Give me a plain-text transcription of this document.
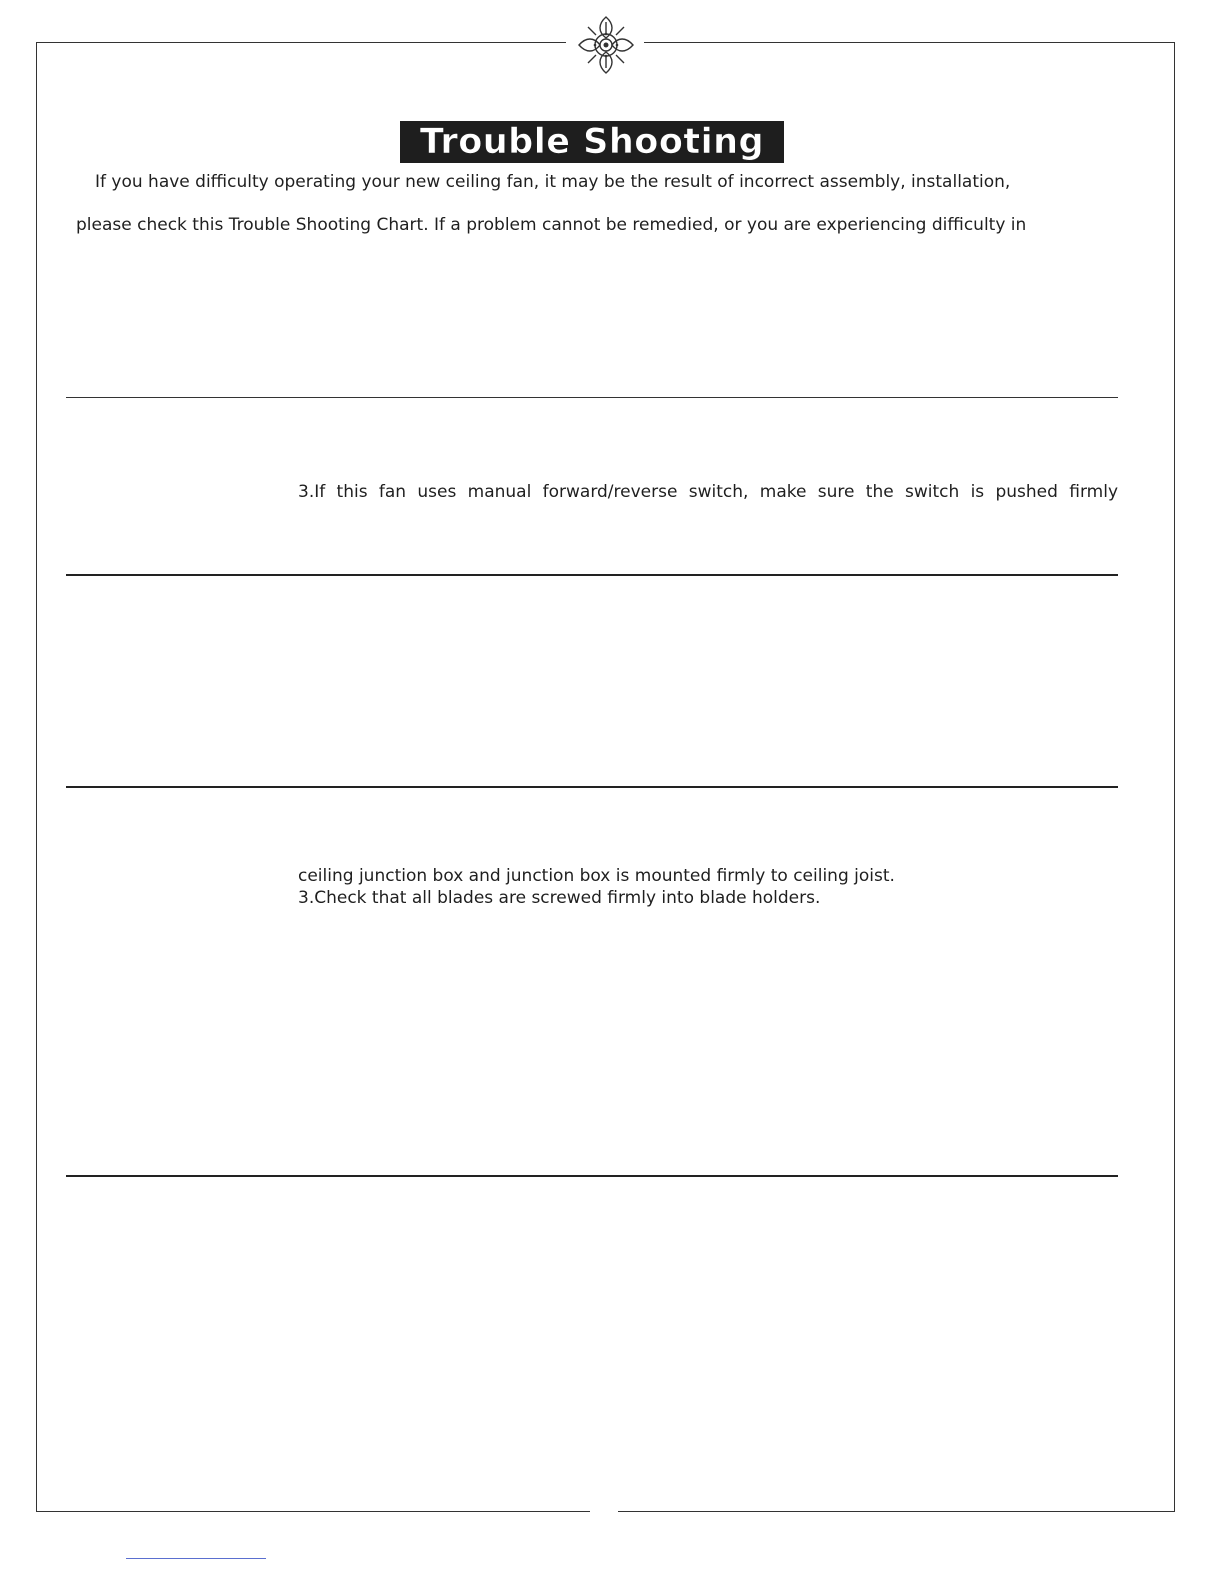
Trouble Shooting
If you have difficulty operating your new ceiling fan, it may be the result of incorrect assembly, installation,
please check this Trouble Shooting Chart. If a problem cannot be remedied, or you are experiencing difficulty in
3.If this fan uses manual forward/reverse switch, make sure the switch is pushed firmly
ceiling junction box and junction box is mounted firmly to ceiling joist.
3.Check that all blades are screwed firmly into blade holders.
